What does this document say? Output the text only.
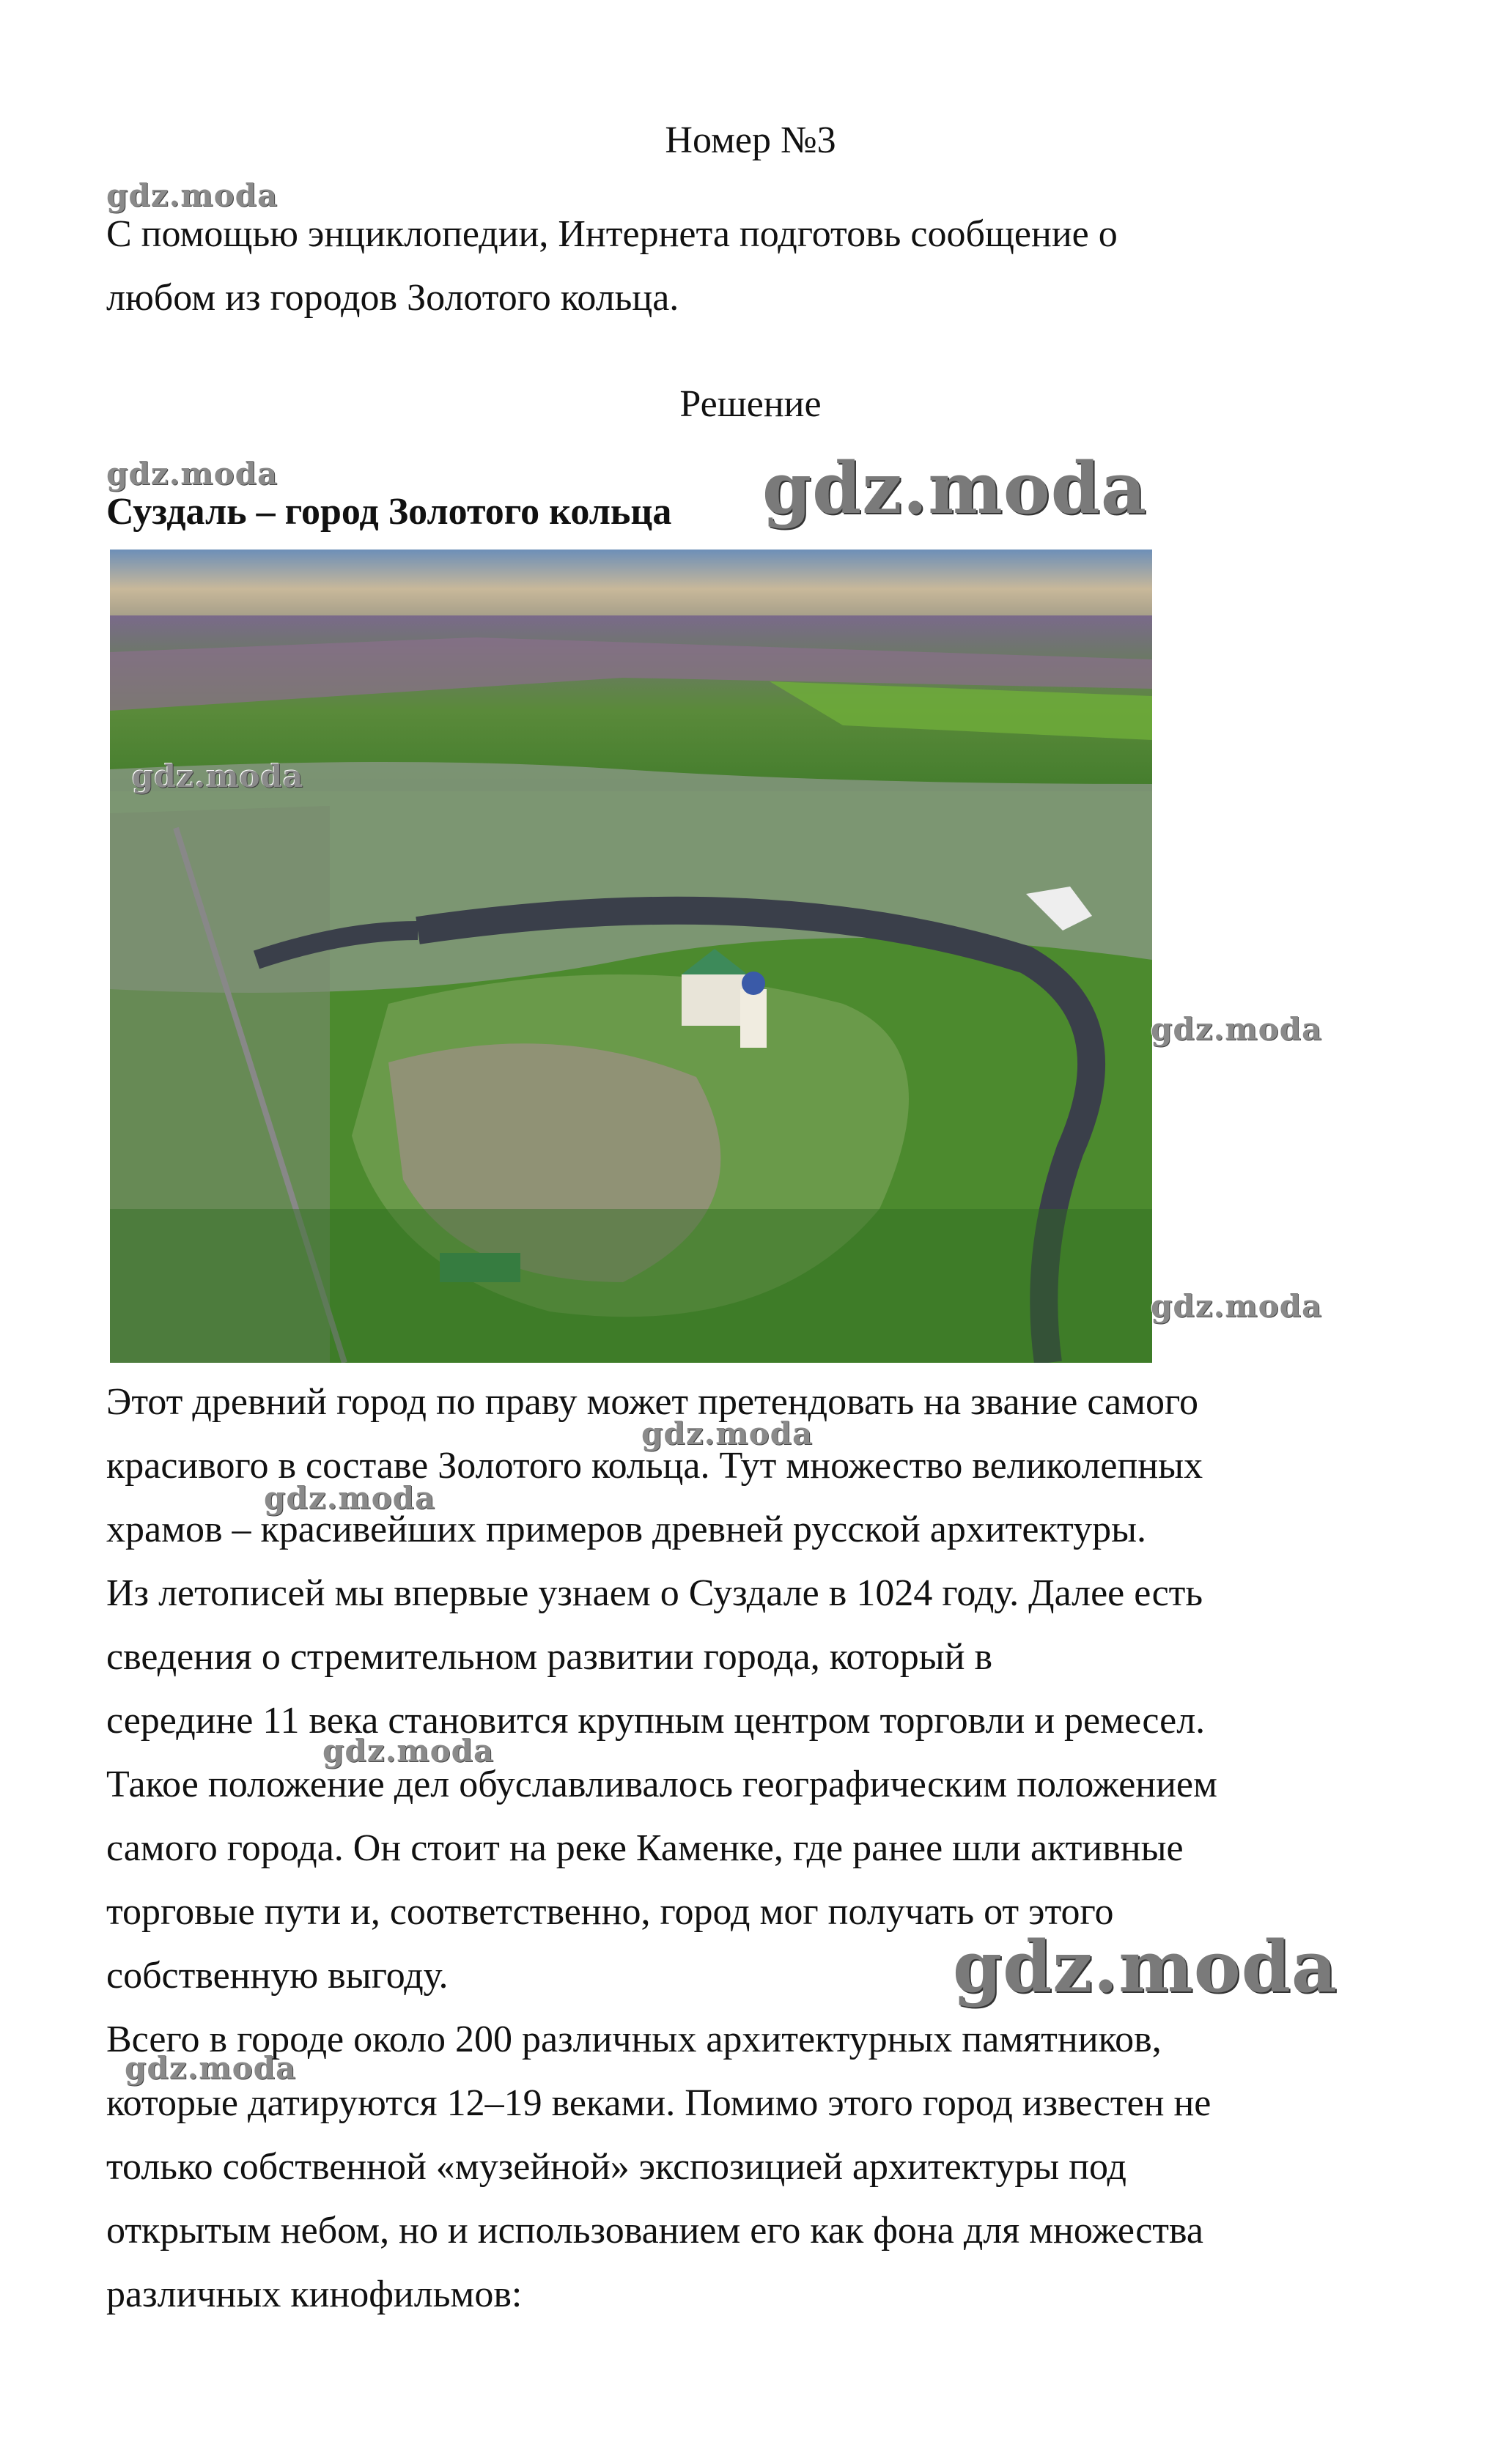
Номер №3
gdz.moda
С помощью энциклопедии, Интернета подготовь сообщение о
любом из городов Золотого кольца.
Решение
gdz.moda
Суздаль – город Золотого кольца	gdz.moda
gdz.moda
gdz.moda
gdz.moda
Этот древний город по праву может претендовать на звание самого
gdz.moda
красивого в составе Золотого кольца. Тут множество великолепных
gdz.moda
храмов – красивейших примеров древней русской архитектуры.
Из летописей мы впервые узнаем о Суздале в 1024 году. Далее есть
сведения о стремительном развитии города, который в
середине 11 века становится крупным центром торговли и ремесел.
gdz.moda
Такое положение дел обуславливалось географическим положением
самого города. Он стоит на реке Каменке, где ранее шли активные
торговые пути и, соответственно, город мог получать от этого
собственную выгоду.	gdz.moda
Всего в городе около 200 различных архитектурных памятников,
gdz.moda
которые датируются 12–19 веками. Помимо этого город известен не
только собственной «музейной» экспозицией архитектуры под
открытым небом, но и использованием его как фона для множества
различных кинофильмов:
